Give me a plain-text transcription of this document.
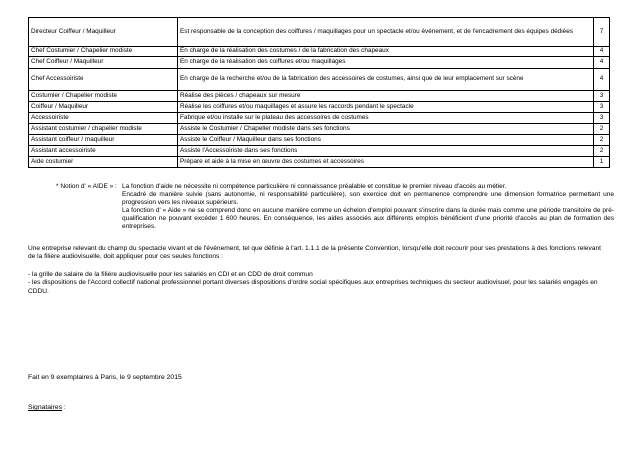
Directeur Coiffeur / Maquilleur	Est responsable de la conception des coiffures / maquillages pour un spectacle et/ou événement, et de l'encadrement des équipes dédiées	7
Chef Costumier / Chapelier modiste	En charge de la réalisation des costumes / de la fabrication des chapeaux	4
Chef Coiffeur / Maquilleur	En charge de la réalisation des coiffures et/ou maquillages	4
Chef Accessoiriste	En charge de la recherche et/ou de la fabrication des accessoires de costumes, ainsi que de leur emplacement sur scène	4
Costumier / Chapelier modiste	Réalise des pièces / chapeaux sur mesure	3
Coiffeur / Maquilleur	Réalise les coiffures et/ou maquillages et assure les raccords pendant le spectacle	3
Accessoiriste	Fabrique et/ou installe sur le plateau des accessoires de costumes	3
Assistant costumier / chapelier modiste	Assiste le Costumier / Chapelier modiste dans ses fonctions	2
Assistant coiffeur / maquilleur	Assiste le Coiffeur / Maquilleur dans ses fonctions	2
Assistant accessoiriste	Assiste l'Accessoiriste dans ses fonctions	2
Aide costumier	Prépare et aide à la mise en œuvre des costumes et accessoires	1
* Notion d' « AIDE » : La fonction d'aide ne nécessite ni compétence particulière ni connaissance préalable et constitue le premier niveau d'accès au métier.

Encadré de manière suivie (sans autonomie, ni responsabilité particulière), son exercice doit en permanence comprendre une dimension formatrice permettant une progression vers les niveaux supérieurs.

La fonction d' « Aide » ne se comprend donc en aucune manière comme un échelon d'emploi pouvant s'inscrire dans la durée mais comme une période transitoire de pré-qualification ne pouvant excéder 1 600 heures. En conséquence, les aides associés aux différents emplois bénéficient d'une priorité d'accès au plan de formation des entreprises.

Une entreprise relevant du champ du spectacle vivant et de l'événement, tel que définie à l'art. 1.1.1 de la présente Convention, lorsqu'elle doit recourir pour ses prestations à des fonctions relevant de la filière audiovisuelle, doit appliquer pour ces seules fonctions :

- la grille de salaire de la filière audiovisuelle pour les salariés en CDI et en CDD de droit commun

- les dispositions de l'Accord collectif national professionnel portant diverses dispositions d'ordre social spécifiques aux entreprises techniques du secteur audiovisuel, pour les salariés engagés en CDDU.

Fait en 9 exemplaires à Paris, le 9 septembre 2015
Signataires :
